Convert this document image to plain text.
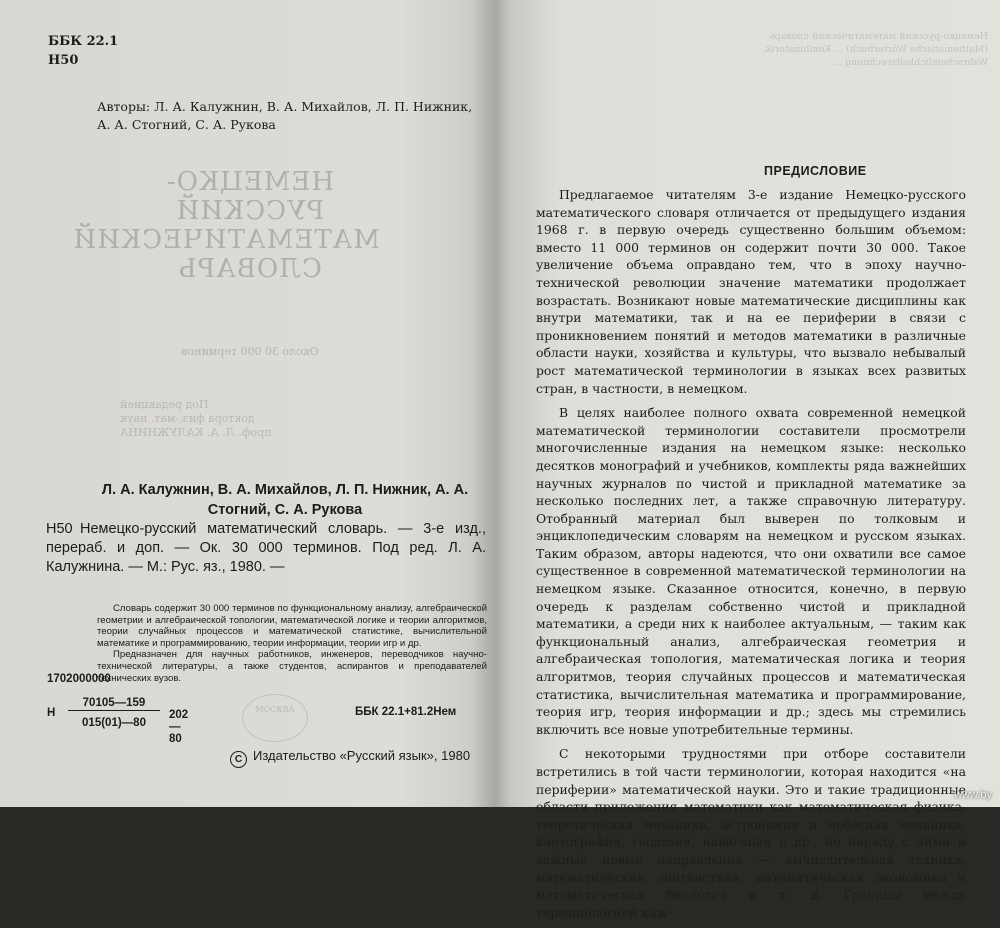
ББК 22.1
Н50
Авторы: Л. А. Калужнин, В. А. Михайлов, Л. П. Нижник, А. А. Стогний, С. А. Рукова
НЕМЕЦКО-
РУССКИЙ
МАТЕМАТИЧЕСКИЙ
СЛОВАРЬ
Около 30 000 терминов
Под редакцией
доктора физ.-мат. наук
проф. Л. А. КАЛУЖНИНА
Л. А. Калужнин, В. А. Михайлов, Л. П. Нижник, А. А. Стогний, С. А. Рукова
Н50 Немецко-русский математический словарь. — 3-е изд., перераб. и доп. — Ок. 30 000 терминов. Под ред. Л. А. Калужнина. — М.: Рус. яз., 1980. —

Словарь содержит 30 000 терминов по функциональному анализу, алгебраической геометрии и алгебраической топологии, математической логике и теории алгоритмов, теории случайных процессов и математической статистике, вычислительной математике и программированию, теории информации, теории игр и др.

Предназначен для научных работников, инженеров, переводчиков научно-технической литературы, а также студентов, аспирантов и преподавателей технических вузов.

1702000000
Н
70105—159
015(01)—80
202—80
МОСКВА	ББК 22.1+81.2Нем
С Издательство «Русский язык», 1980
Немецко-русский математический словарь (Mathematische Wörterbuch) ... Kombinatorik, Wahrscheinlichkeitsrechnung ...
ПРЕДИСЛОВИЕ

Предлагаемое читателям 3-е издание Немецко-русского математического словаря отличается от предыдущего издания 1968 г. в первую очередь существенно большим объемом: вместо 11 000 терминов он содержит почти 30 000. Такое увеличение объема оправдано тем, что в эпоху научно-технической революции значение математики продолжает возрастать. Возникают новые математические дисциплины как внутри математики, так и на ее периферии в связи с проникновением понятий и методов математики в различные области науки, хозяйства и культуры, что вызвало небывалый рост математической терминологии в языках всех развитых стран, в частности, в немецком.

В целях наиболее полного охвата современной немецкой математической терминологии составители просмотрели многочисленные издания на немецком языке: несколько десятков монографий и учебников, комплекты ряда важнейших научных журналов по чистой и прикладной математике за несколько последних лет, а также справочную литературу. Отобранный материал был выверен по толковым и энциклопедическим словарям на немецком и русском языках. Таким образом, авторы надеются, что они охватили все самое существенное в современной математической терминологии на немецком языке. Сказанное относится, конечно, в первую очередь к разделам собственно чистой и прикладной математики, а среди них к наиболее актуальным, — таким как функциональный анализ, алгебраическая геометрия и алгебраическая топология, математическая логика и теория алгоритмов, теория случайных процессов и математическая статистика, вычислительная математика и программирование, теория игр, теория информации и др.; здесь мы стремились включить все новые употребительные термины.

С некоторыми трудностями при отборе составители встретились в той части терминологии, которая находится «на периферии» математической науки. Это и такие традиционные области приложения математики как математическая физика, теоретическая механика, астрономия и небесная механика, картография, геодезия, навигация и др., но наряду с ними и важные новые направления — вычислительная техника, математическая лингвистика, математическая экономика и математическая биология и т. д. Границы между терминологией каж-

www.by
